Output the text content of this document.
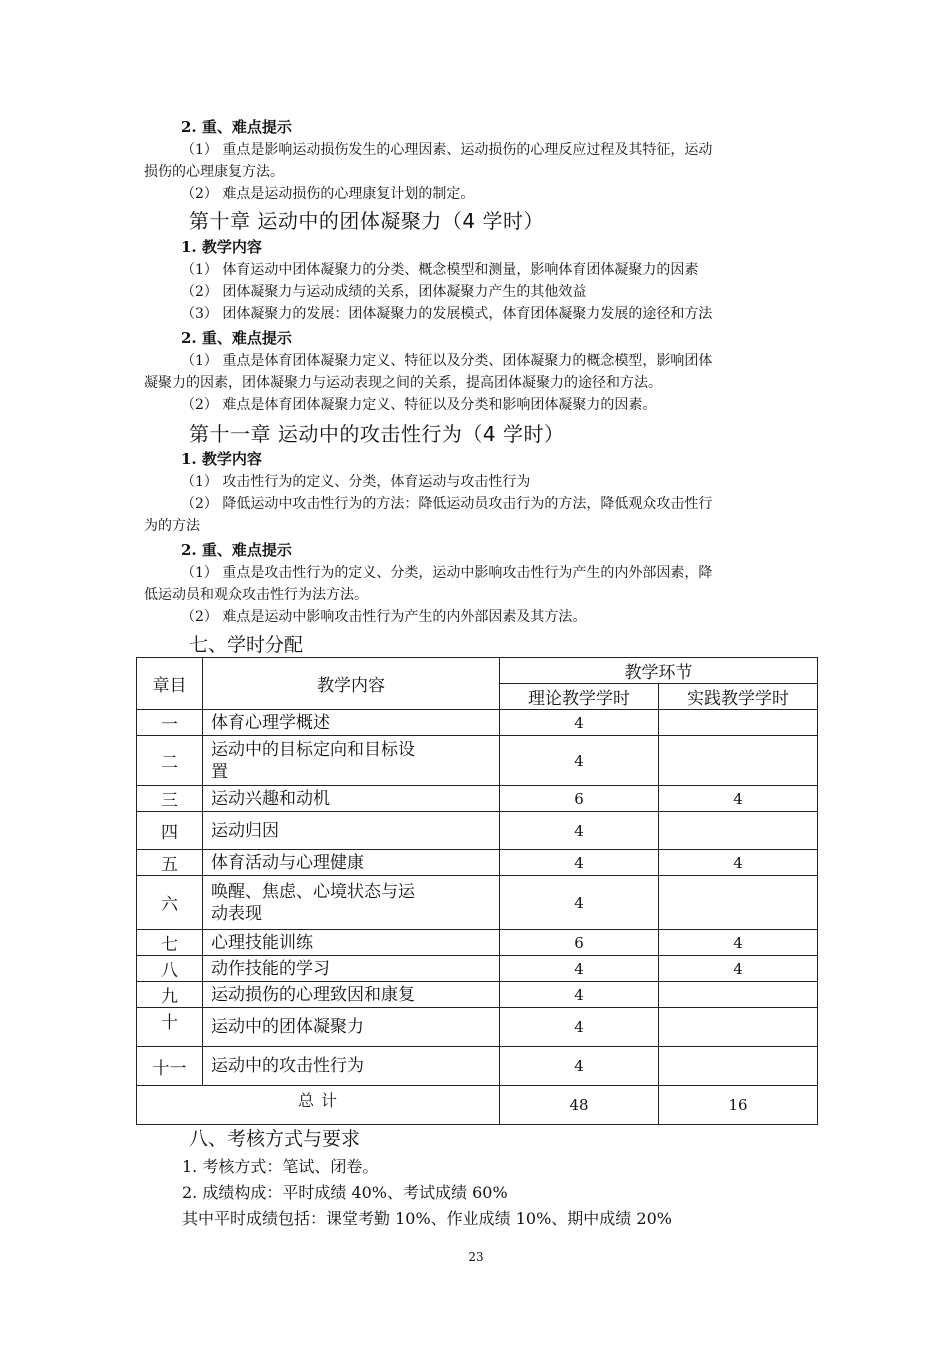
2. 重、难点提示
（1） 重点是影响运动损伤发生的心理因素、运动损伤的心理反应过程及其特征，运动
损伤的心理康复方法。
（2） 难点是运动损伤的心理康复计划的制定。
第十章 运动中的团体凝聚力（4 学时）
1. 教学内容
（1） 体育运动中团体凝聚力的分类、概念模型和测量，影响体育团体凝聚力的因素
（2） 团体凝聚力与运动成绩的关系，团体凝聚力产生的其他效益
（3） 团体凝聚力的发展：团体凝聚力的发展模式，体育团体凝聚力发展的途径和方法
2. 重、难点提示
（1） 重点是体育团体凝聚力定义、特征以及分类、团体凝聚力的概念模型，影响团体
凝聚力的因素，团体凝聚力与运动表现之间的关系，提高团体凝聚力的途径和方法。
（2） 难点是体育团体凝聚力定义、特征以及分类和影响团体凝聚力的因素。
第十一章 运动中的攻击性行为（4 学时）
1. 教学内容
（1） 攻击性行为的定义、分类，体育运动与攻击性行为
（2） 降低运动中攻击性行为的方法：降低运动员攻击行为的方法，降低观众攻击性行
为的方法
2. 重、难点提示
（1） 重点是攻击性行为的定义、分类，运动中影响攻击性行为产生的内外部因素，降
低运动员和观众攻击性行为法方法。
（2） 难点是运动中影响攻击性行为产生的内外部因素及其方法。
七、学时分配
章目	教学内容	教学环节	
		理论教学学时	实践教学学时
一	体育心理学概述	4	
二	运动中的目标定向和目标设置	4	
三	运动兴趣和动机	6	4
四	运动归因	4	
五	体育活动与心理健康	4	4
六	唤醒、焦虑、心境状态与运动表现	4	
七	心理技能训练	6	4
八	动作技能的学习	4	4
九	运动损伤的心理致因和康复	4	
十	运动中的团体凝聚力	4	
十一	运动中的攻击性行为	4	
总 计		48	16
八、考核方式与要求
1. 考核方式：笔试、闭卷。
2. 成绩构成：平时成绩 40%、考试成绩 60%
其中平时成绩包括：课堂考勤 10%、作业成绩 10%、期中成绩 20%
23
